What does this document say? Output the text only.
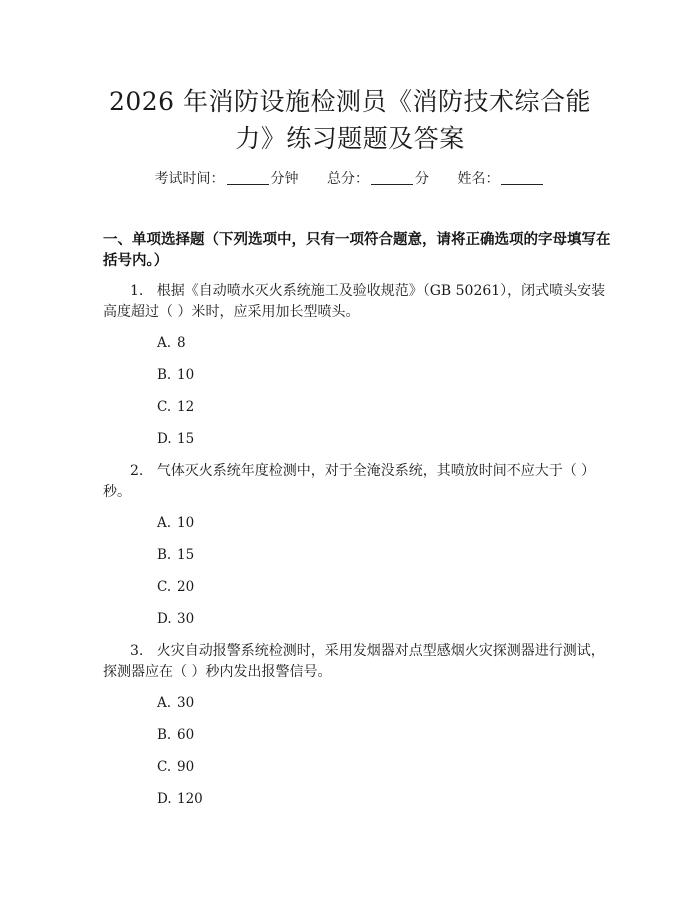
2026 年消防设施检测员《消防技术综合能
力》练习题题及答案
考试时间：	分钟 总分：	分 姓名：
一、单项选择题（下列选项中，只有一项符合题意，请将正确选项的字母填写在
括号内。）
1. 根据《自动喷水灭火系统施工及验收规范》（GB 50261），闭式喷头安装
高度超过（ ）米时，应采用加长型喷头。
A. 8
B. 10
C. 12
D. 15
2. 气体灭火系统年度检测中，对于全淹没系统，其喷放时间不应大于（ ）
秒。
A. 10
B. 15
C. 20
D. 30
3. 火灾自动报警系统检测时，采用发烟器对点型感烟火灾探测器进行测试，
探测器应在（ ）秒内发出报警信号。
A. 30
B. 60
C. 90
D. 120
